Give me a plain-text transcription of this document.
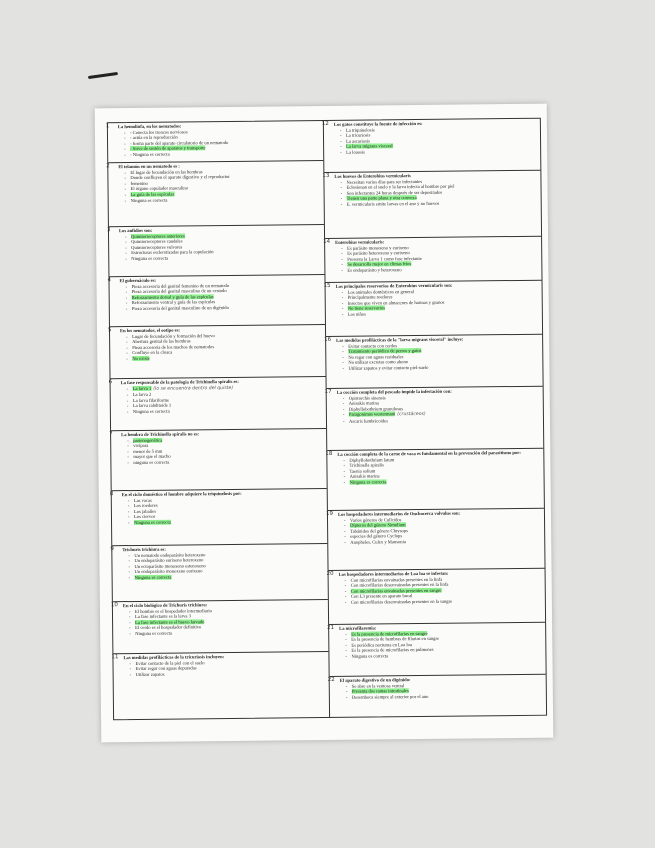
1 La hemolinfa, en los nematodos:
- - Conecta los troncos nerviosos
- - actúa en la reproducción
- - forma parte del aparato circulatorio de un nematodo
- - Sirve de sostén de aparatos y transporte
- - Ninguna es correcta
2 El telamón en un nematodo es :
- El lugar de fecundación en las hembras
- Donde confluyen el aparato digestivo y el reproductor
- femenino
- El órgano copulador masculino
- La guía de las espículas
- Ninguna es correcta
3 Los anfidios son:
- Quimiorreceptores anteriores
- Quimiorreceptores caudales
- Quimiorreceptores vulvares
- Estructuras esclerotizadas para la copulación
- Ninguna es correcta
4 El gubernáculo es:
- Pieza accesoria del genital femenino de un nematodo
- Pieza accesoria del genital masculino de un cestodo
- Reforzamiento dorsal y guía de las espículas
- Reforzamiento ventral y guía de las espículas
- Pieza accesoria del genital masculino de un digénido
5 En los nematodos, el ootipo es:
- Lugar de fecundación y formación del huevo
- Abertura genital de las hembras
- Pieza accesoria de los machos de nematodos
- Confluye en la cloaca
- No existe
6 La fase responsable de la patología de Trichinella spiralis es:
- La larva 1 (lo se encuentra dentro del quiste)
- La larva 2
- La larva filariforme
- La larva rabditoide 1
- Ninguna es correcta
7 La hembra de Trichinella spiralis no es:
- partenogenética
- vivípara
- menor de 5 mm
- mayor que el macho
- ninguna es correcta
8 En el ciclo doméstico el hombre adquiere la triquinelosis por:
- Las vacas
- Los roedores
- Los jabalíes
- Los ciervos
- Ninguna es correcta
9 Trichuris trichiura es:
- Un nematodo endoparásito heteroxeno
- Un endoparásito eurixeno heteroxeno
- Un ectoparásito monoxeno estenoxeno
- Un endoparásito monoxeno eurixeno
- Ninguna es correcta
10 En el ciclo biológico de Trichuris trichiura:
- El hombre es el hospedador intermediario
- La fase infectante es la larva 3
- La fase infectante es el huevo larvado
- El cerdo es el hospedador definitivo
- Ninguna es correcta
11 Las medidas profilácticas de la tricuriosis incluyen:
- Evitar contacto de la piel con el suelo
- Evitar regar con aguas depuradas
- Utilizar zapatos
12 Los gatos constituye la fuente de infección es:
- La triquinelosis
- La tricuriosis
- La ascariosis
- La larva migrans visceral
- La loaosis
13 Los huevos de Enterobius vermicularis
- Necesitan varios días para ser infectantes
- Eclosionan en el suelo y la larva infecta al hombre por piel
- Son infectantes 24 horas después de ser depositados
- Tienen una parte plana y otra convexa
- E. vermicularis emite larvas en el ano y no huevos
14 Enterobius vermicularis:
- Es parásito monoxeno y eurixeno
- Es parásito heteroxeno y eurixeno
- Presenta la Larva 1 como fase infectante
- Se desarrolla mejor en climas fríos
- Es endoparásito y heteroxeno
15 Los principales reservorios de Enterobius vermicularis son:
- Los animales domésticos en general
- Principalmente roedores
- Insectos que viven en almacenes de harinas y granos
- No tiene reservorios
- Los niños
16 Las medidas profilácticas de la "larva migrans visceral" incluye:
- Evitar contacto con cerdos
- Tratamiento periódico de perros y gatos
- No regar con aguas residuales
- No utilizar excretas como abono
- Utilizar zapatos y evitar contacto piel-suelo
17 La cocción completa del pescado impide la infestación con:
- Opistorchis sinensis
- Anisakis marina
- Diphyllobothrium granulosus
- Paragonimus westermani (crustáceos)
- Ascaris lumbricoides
18 La cocción completa de la carne de vaca es fundamental en la prevención del parasitismo por:
- Diphyllobothrium latum
- Trichinella spiralis
- Taenia solium
- Anisakis marina
- Ninguna es correcta
19 Los hospedadores intermediarios de Onchocerca volvulus son:
- Varios géneros de Culícidos
- Dípteros del género Simulium
- Tabánidos del género Chrysops
- especies del género Cyclops
- Anopheles, Culex y Mansonia
20 Los hospedadores intermediarios de Loa loa se infestan:
- Con microfilarias envainadas presentes en la linfa
- Con microfilarias desenvainadas presentes en la linfa
- Con microfilarias envainadas presentes en sangre
- Con L3 presente en aparato bucal
- Con microfilarias desenvainadas presentes en la sangre
21 La microfilaremia:
- Es la presencia de microfilarias en sangre
- Es la presencia de hembras de filarias en sangre
- Es periódica nocturna en Loa loa
- Es la presencia de microfilarias en pulmones
- Ninguna es correcta
22 El aparato digestivo de un digénido:
- Se abre en la ventosa ventral
- Presenta dos ramas intestinales
- Desemboca siempre al exterior por el ano
